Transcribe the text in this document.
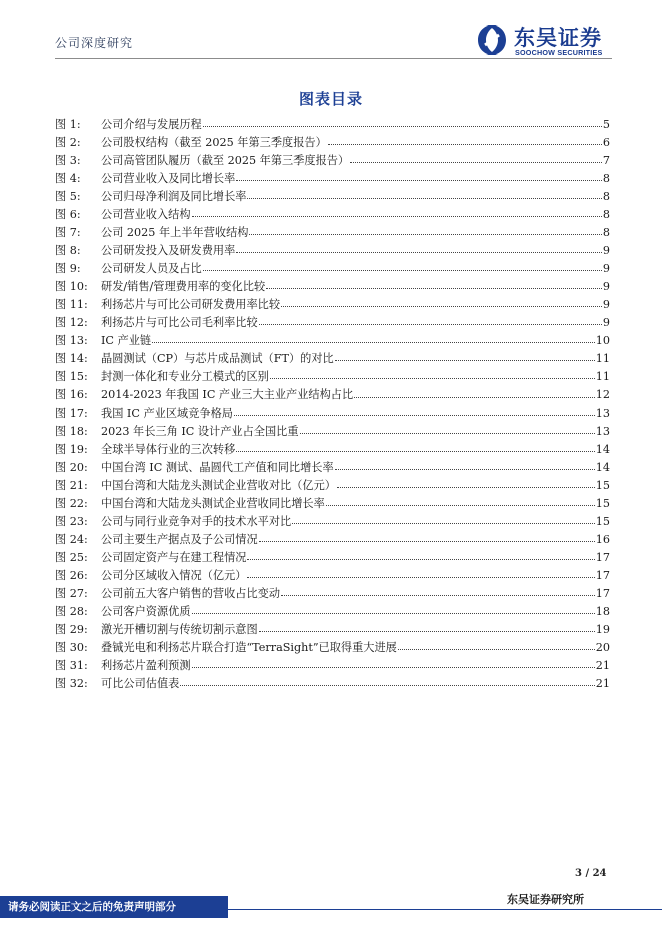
公司深度研究	东吴证券
SOOCHOW SECURITIES
图表目录
图 1:	公司介绍与发展历程	5
图 2:	公司股权结构（截至 2025 年第三季度报告）	6
图 3:	公司高管团队履历（截至 2025 年第三季度报告）	7
图 4:	公司营业收入及同比增长率	8
图 5:	公司归母净利润及同比增长率	8
图 6:	公司营业收入结构	8
图 7:	公司 2025 年上半年营收结构	8
图 8:	公司研发投入及研发费用率	9
图 9:	公司研发人员及占比	9
图 10:	研发/销售/管理费用率的变化比较	9
图 11:	利扬芯片与可比公司研发费用率比较	9
图 12:	利扬芯片与可比公司毛利率比较	9
图 13:	IC 产业链	10
图 14:	晶圆测试（CP）与芯片成品测试（FT）的对比	11
图 15:	封测一体化和专业分工模式的区别	11
图 16:	2014-2023 年我国 IC 产业三大主业产业结构占比	12
图 17:	我国 IC 产业区域竞争格局	13
图 18:	2023 年长三角 IC 设计产业占全国比重	13
图 19:	全球半导体行业的三次转移	14
图 20:	中国台湾 IC 测试、晶圆代工产值和同比增长率	14
图 21:	中国台湾和大陆龙头测试企业营收对比（亿元）	15
图 22:	中国台湾和大陆龙头测试企业营收同比增长率	15
图 23:	公司与同行业竞争对手的技术水平对比	15
图 24:	公司主要生产据点及子公司情况	16
图 25:	公司固定资产与在建工程情况	17
图 26:	公司分区域收入情况（亿元）	17
图 27:	公司前五大客户销售的营收占比变动	17
图 28:	公司客户资源优质	18
图 29:	激光开槽切割与传统切割示意图	19
图 30:	叠铖光电和利扬芯片联合打造“TerraSight”已取得重大进展	20
图 31:	利扬芯片盈利预测	21
图 32:	可比公司估值表	21
3 / 24
请务必阅读正文之后的免责声明部分
东吴证券研究所
